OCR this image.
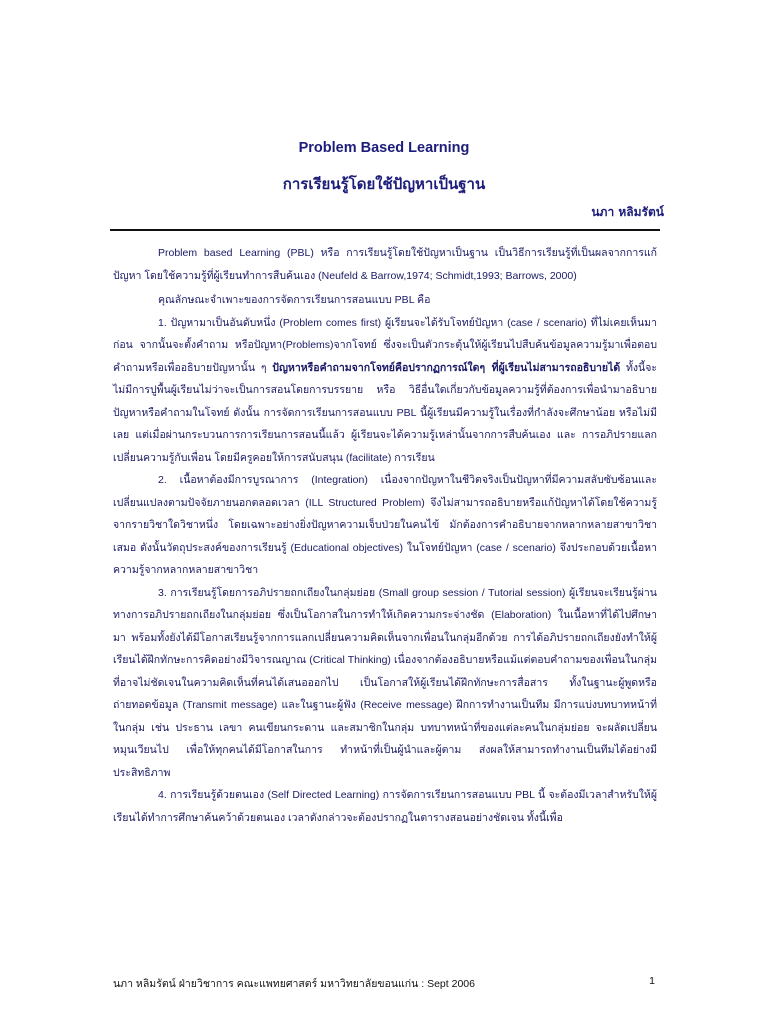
Problem Based Learning
การเรียนรู้โดยใช้ปัญหาเป็นฐาน
นภา หลิมรัตน์

Problem based Learning (PBL) หรือ การเรียนรู้โดยใช้ปัญหาเป็นฐาน เป็นวิธีการเรียนรู้ที่เป็นผลจากการแก้ปัญหา โดยใช้ความรู้ที่ผู้เรียนทำการสืบค้นเอง (Neufeld & Barrow,1974; Schmidt,1993; Barrows, 2000)

คุณลักษณะจำเพาะของการจัดการเรียนการสอนแบบ PBL คือ

1. ปัญหามาเป็นอันดับหนึ่ง (Problem comes first) ผู้เรียนจะได้รับโจทย์ปัญหา (case / scenario) ที่ไม่เคยเห็นมาก่อน จากนั้นจะตั้งคำถาม หรือปัญหา(Problems)จากโจทย์ ซึ่งจะเป็นตัวกระตุ้นให้ผู้เรียนไปสืบค้นข้อมูลความรู้มาเพื่อตอบคำถามหรือเพื่ออธิบายปัญหานั้น ๆ ปัญหาหรือคำถามจากโจทย์คือปรากฏการณ์ใดๆ ที่ผู้เรียนไม่สามารถอธิบายได้ ทั้งนี้จะไม่มีการปูพื้นผู้เรียนไม่ว่าจะเป็นการสอนโดยการบรรยาย หรือ วิธีอื่นใดเกี่ยวกับข้อมูลความรู้ที่ต้องการเพื่อนำมาอธิบายปัญหาหรือคำถามในโจทย์ ดังนั้น การจัดการเรียนการสอนแบบ PBL นี้ผู้เรียนมีความรู้ในเรื่องที่กำลังจะศึกษาน้อย หรือไม่มีเลย แต่เมื่อผ่านกระบวนการการเรียนการสอนนี้แล้ว ผู้เรียนจะได้ความรู้เหล่านั้นจากการสืบค้นเอง และ การอภิปรายแลกเปลี่ยนความรู้กับเพื่อน โดยมีครูคอยให้การสนับสนุน (facilitate) การเรียน

2. เนื้อหาต้องมีการบูรณาการ (Integration) เนื่องจากปัญหาในชีวิตจริงเป็นปัญหาที่มีความสลับซับซ้อนและเปลี่ยนแปลงตามปัจจัยภายนอกตลอดเวลา (ILL Structured Problem) จึงไม่สามารถอธิบายหรือแก้ปัญหาได้โดยใช้ความรู้จากรายวิชาใดวิชาหนึ่ง โดยเฉพาะอย่างยิ่งปัญหาความเจ็บป่วยในคนไข้ มักต้องการคำอธิบายจากหลากหลายสาขาวิชาเสมอ ดังนั้นวัตถุประสงค์ของการเรียนรู้ (Educational objectives) ในโจทย์ปัญหา (case / scenario) จึงประกอบด้วยเนื้อหาความรู้จากหลากหลายสาขาวิชา

3. การเรียนรู้โดยการอภิปรายถกเถียงในกลุ่มย่อย (Small group session / Tutorial session) ผู้เรียนจะเรียนรู้ผ่านทางการอภิปรายถกเถียงในกลุ่มย่อย ซึ่งเป็นโอกาสในการทำให้เกิดความกระจ่างชัด (Elaboration) ในเนื้อหาที่ได้ไปศึกษามา พร้อมทั้งยังได้มีโอกาสเรียนรู้จากการแลกเปลี่ยนความคิดเห็นจากเพื่อนในกลุ่มอีกด้วย การได้อภิปรายถกเถียงยังทำให้ผู้เรียนได้ฝึกทักษะการคิดอย่างมีวิจารณญาณ (Critical Thinking) เนื่องจากต้องอธิบายหรือแม้แต่ตอบคำถามของเพื่อนในกลุ่มที่อาจไม่ชัดเจนในความคิดเห็นที่คนได้เสนอออกไป เป็นโอกาสให้ผู้เรียนได้ฝึกทักษะการสื่อสาร ทั้งในฐานะผู้พูดหรือถ่ายทอดข้อมูล (Transmit message) และในฐานะผู้ฟัง (Receive message) ฝึกการทำงานเป็นทีม มีการแบ่งบทบาทหน้าที่ในกลุ่ม เช่น ประธาน เลขา คนเขียนกระดาน และสมาชิกในกลุ่ม บทบาทหน้าที่ของแต่ละคนในกลุ่มย่อย จะผลัดเปลี่ยนหมุนเวียนไป เพื่อให้ทุกคนได้มีโอกาสในการ ทำหน้าที่เป็นผู้นำและผู้ตาม ส่งผลให้สามารถทำงานเป็นทีมได้อย่างมีประสิทธิภาพ

4. การเรียนรู้ด้วยตนเอง (Self Directed Learning) การจัดการเรียนการสอนแบบ PBL นี้ จะต้องมีเวลาสำหรับให้ผู้เรียนได้ทำการศึกษาค้นคว้าด้วยตนเอง เวลาดังกล่าวจะต้องปรากฏในตารางสอนอย่างชัดเจน ทั้งนี้เพื่อ

นภา หลิมรัตน์ ฝ่ายวิชาการ คณะแพทยศาสตร์ มหาวิทยาลัยขอนแก่น : Sept 2006	1
